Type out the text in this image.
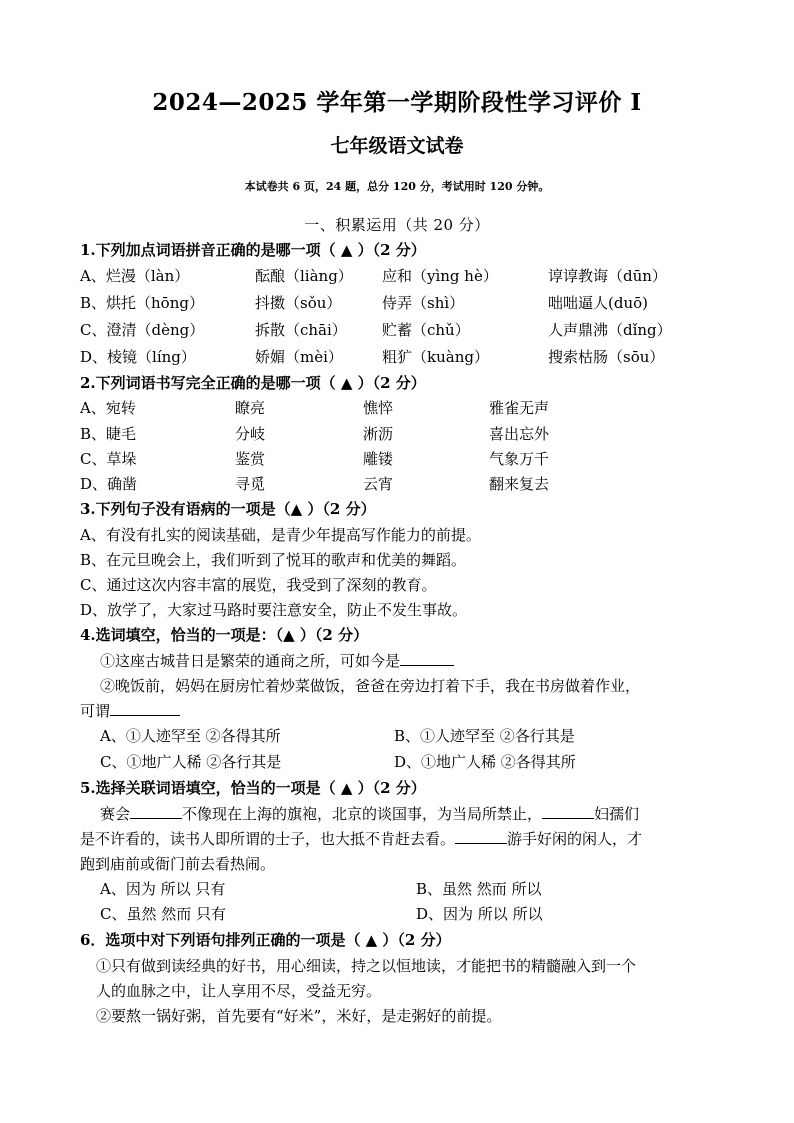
2024—2025 学年第一学期阶段性学习评价 I
七年级语文试卷
本试卷共 6 页，24 题，总分 120 分，考试用时 120 分钟。
一、积累运用（共 20 分）
1.下列加点词语拼音正确的是哪一项（ ▲ ）（2 分）
A、烂漫（làn）	酝酿（liàng） 应和（yìng hè）	谆谆教诲（dūn）
B、烘托（hōng）	抖擞（sǒu）	侍弄（shì）	咄咄逼人(duō)
C、澄清（dèng）	拆散（chāi） 贮蓄（chǔ）	人声鼎沸（dǐng）
D、棱镜（líng）	娇媚（mèi）	粗犷（kuàng）	搜索枯肠（sōu）
2.下列词语书写完全正确的是哪一项（ ▲ ）（2 分）
A、宛转	瞭亮	憔悴	雅雀无声
B、睫毛	分岐	淅沥	喜出忘外
C、草垛	鉴赏	雕镂	气象万千
D、确凿	寻觅	云宵	翻来复去
3.下列句子没有语病的一项是（▲ ）（2 分）
A、有没有扎实的阅读基础，是青少年提高写作能力的前提。
B、在元旦晚会上，我们听到了悦耳的歌声和优美的舞蹈。
C、通过这次内容丰富的展览，我受到了深刻的教育。
D、放学了，大家过马路时要注意安全，防止不发生事故。
4.选词填空，恰当的一项是：（▲ ）（2 分）
①这座古城昔日是繁荣的通商之所，可如今是
②晚饭前，妈妈在厨房忙着炒菜做饭，爸爸在旁边打着下手，我在书房做着作业，
可谓
A、①人迹罕至 ②各得其所	B、①人迹罕至 ②各行其是
C、①地广人稀 ②各行其是	D、①地广人稀 ②各得其所
5.选择关联词语填空，恰当的一项是（ ▲ ）（2 分）
赛会	不像现在上海的旗袍，北京的谈国事，为当局所禁止，	妇孺们
是不许看的，读书人即所谓的士子，也大抵不肯赶去看。	游手好闲的闲人，才
跑到庙前或衙门前去看热闹。
A、因为 所以 只有	B、虽然 然而 所以
C、虽然 然而 只有	D、因为 所以 所以
6．选项中对下列语句排列正确的一项是（ ▲ ）（2 分）
①只有做到读经典的好书，用心细读，持之以恒地读，才能把书的精髓融入到一个
人的血脉之中，让人享用不尽，受益无穷。
②要熬一锅好粥，首先要有“好米”，米好，是走粥好的前提。
